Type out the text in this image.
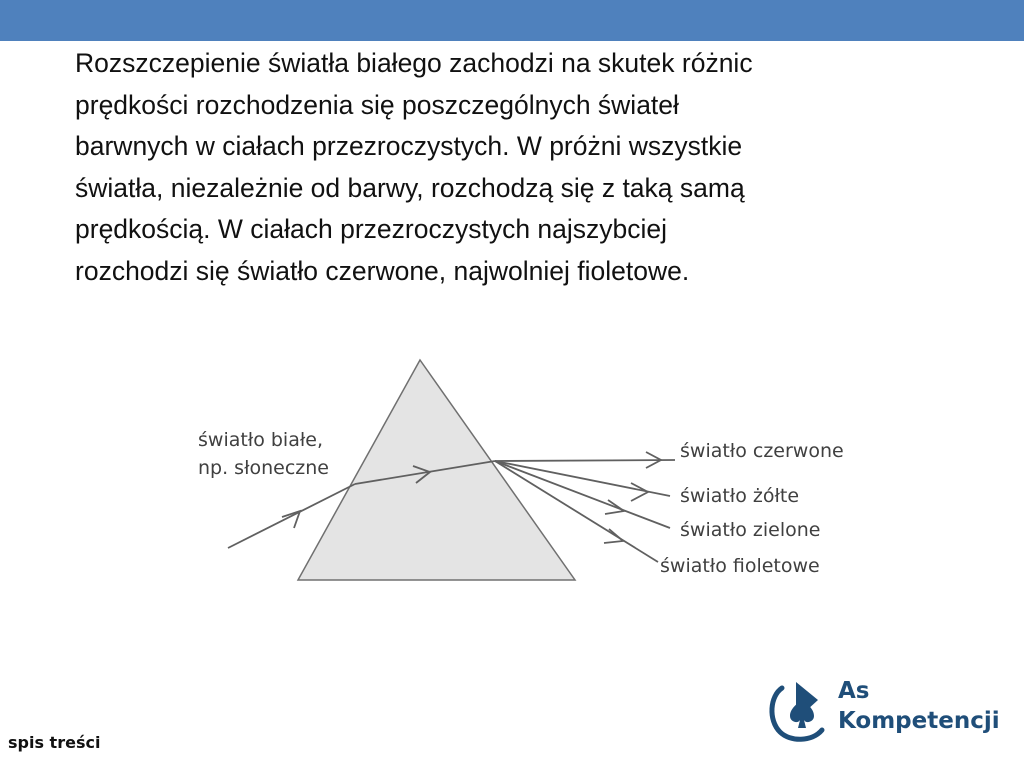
Rozszczepienie światła białego zachodzi na skutek różnic
prędkości rozchodzenia się poszczególnych świateł
barwnych w ciałach przezroczystych. W próżni wszystkie
światła, niezależnie od barwy, rozchodzą się z taką samą
prędkością. W ciałach przezroczystych najszybciej
rozchodzi się światło czerwone, najwolniej fioletowe.
światło białe,
np. słoneczne
światło czerwone
światło żółte
światło zielone
światło fioletowe
As
Kompetencji
spis treści
